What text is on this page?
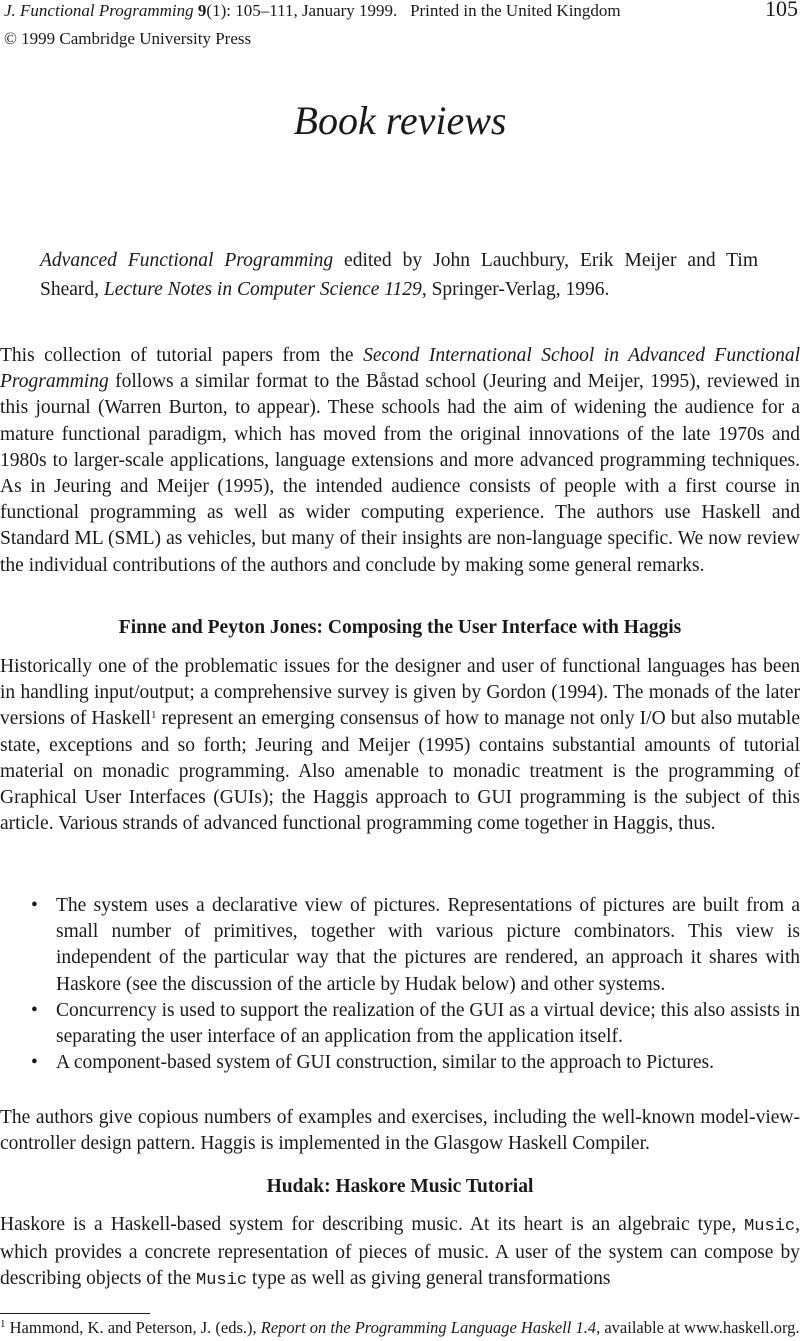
J. Functional Programming 9(1): 105–111, January 1999. Printed in the United Kingdom	105
© 1999 Cambridge University Press
Book reviews
Advanced Functional Programming edited by John Lauchbury, Erik Meijer and Tim Sheard, Lecture Notes in Computer Science 1129, Springer-Verlag, 1996.

This collection of tutorial papers from the Second International School in Advanced Functional Programming follows a similar format to the Båstad school (Jeuring and Meijer, 1995), reviewed in this journal (Warren Burton, to appear). These schools had the aim of widening the audience for a mature functional paradigm, which has moved from the original innovations of the late 1970s and 1980s to larger-scale applications, language extensions and more advanced programming techniques. As in Jeuring and Meijer (1995), the intended audience consists of people with a first course in functional programming as well as wider computing experience. The authors use Haskell and Standard ML (SML) as vehicles, but many of their insights are non-language specific. We now review the individual contributions of the authors and conclude by making some general remarks.

Finne and Peyton Jones: Composing the User Interface with Haggis

Historically one of the problematic issues for the designer and user of functional languages has been in handling input/output; a comprehensive survey is given by Gordon (1994). The monads of the later versions of Haskell$^1$ represent an emerging consensus of how to manage not only I/O but also mutable state, exceptions and so forth; Jeuring and Meijer (1995) contains substantial amounts of tutorial material on monadic programming. Also amenable to monadic treatment is the programming of Graphical User Interfaces (GUIs); the Haggis approach to GUI programming is the subject of this article. Various strands of advanced functional programming come together in Haggis, thus.

• The system uses a declarative view of pictures. Representations of pictures are built from a small number of primitives, together with various picture combinators. This view is independent of the particular way that the pictures are rendered, an approach it shares with Haskore (see the discussion of the article by Hudak below) and other systems.
• Concurrency is used to support the realization of the GUI as a virtual device; this also assists in separating the user interface of an application from the application itself.
• A component-based system of GUI construction, similar to the approach to Pictures.

The authors give copious numbers of examples and exercises, including the well-known model-view-controller design pattern. Haggis is implemented in the Glasgow Haskell Compiler.

Hudak: Haskore Music Tutorial

Haskore is a Haskell-based system for describing music. At its heart is an algebraic type, Music, which provides a concrete representation of pieces of music. A user of the system can compose by describing objects of the Music type as well as giving general transformations

$^1$ Hammond, K. and Peterson, J. (eds.), Report on the Programming Language Haskell 1.4, available at www.haskell.org.
